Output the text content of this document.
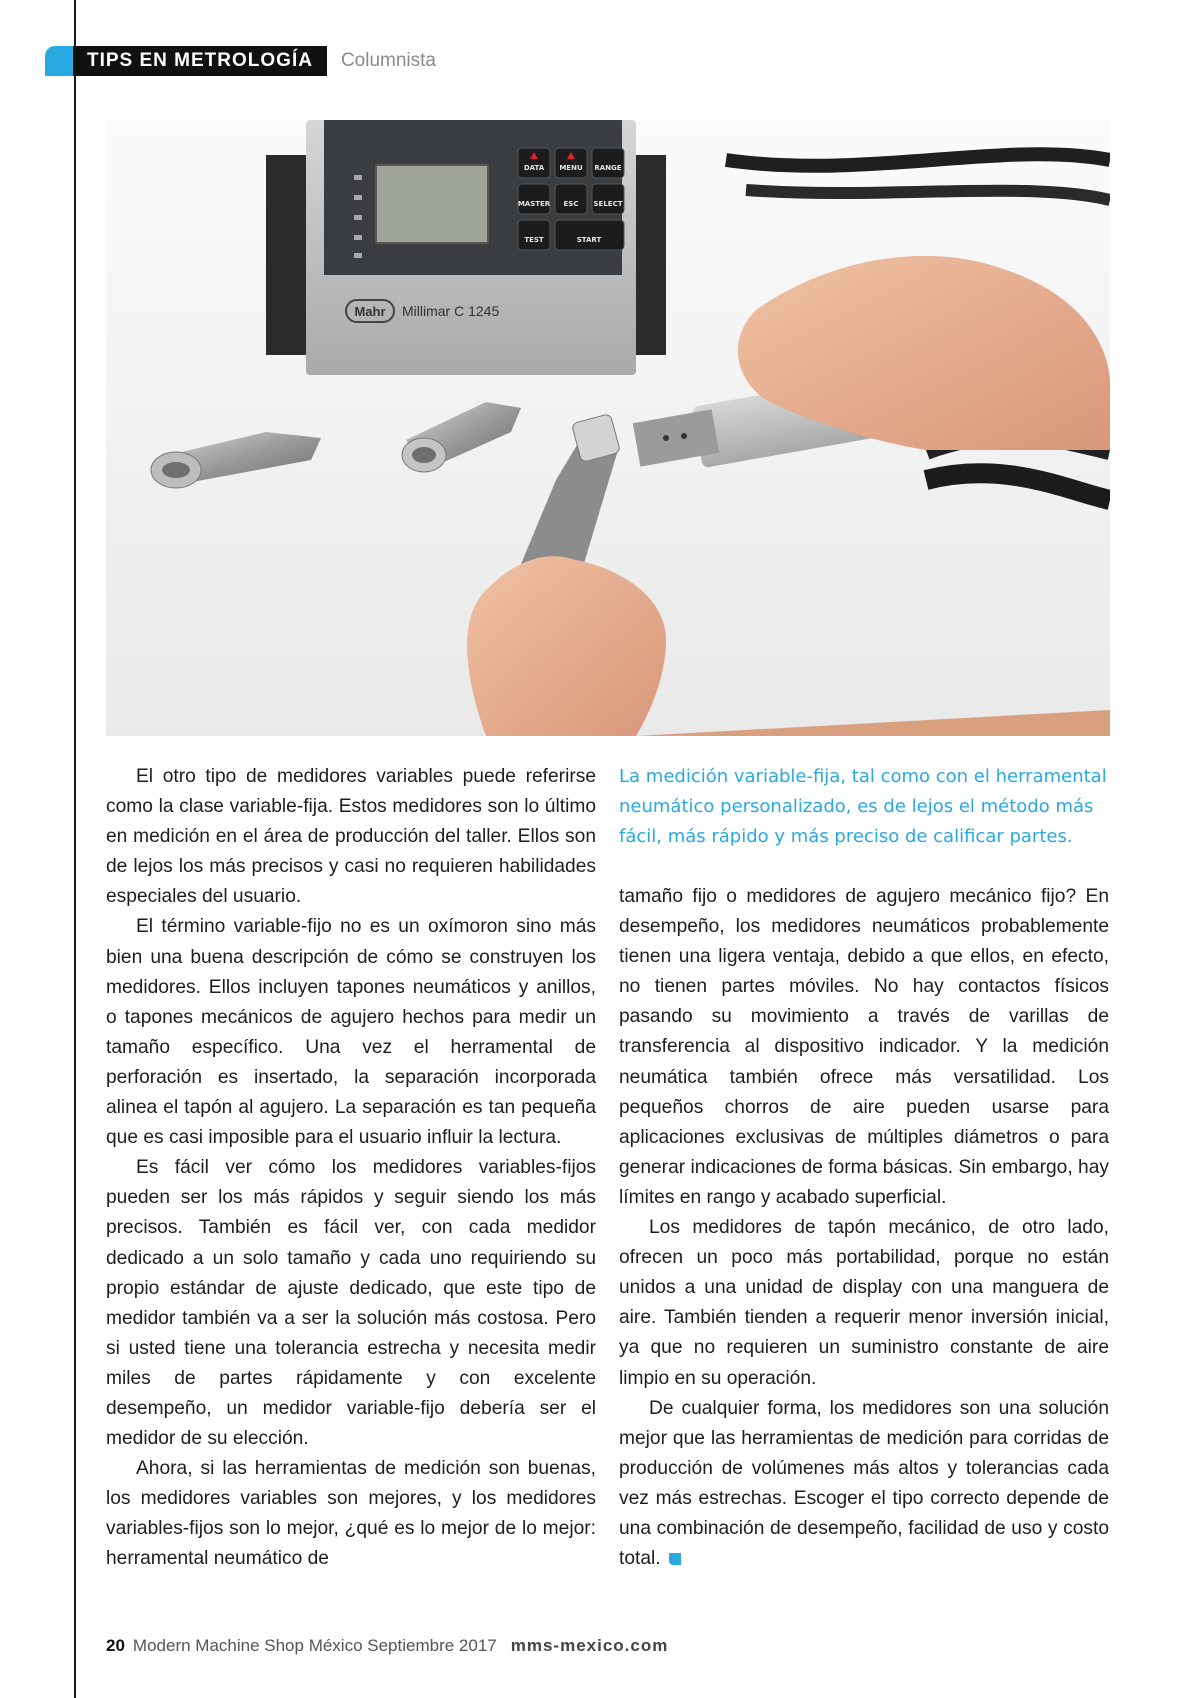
TIPS EN METROLOGÍA	Columnista
DATA MENU RANGE
MASTER ESC SELECT
TEST	START
Mahr Millimar C 1245

El otro tipo de medidores variables puede referirse como la clase variable-fija. Estos medidores son lo último en medición en el área de producción del taller. Ellos son de lejos los más precisos y casi no requieren habilidades especiales del usuario.

El término variable-fijo no es un oxímoron sino más bien una buena descripción de cómo se construyen los medidores. Ellos incluyen tapones neumáticos y anillos, o tapones mecánicos de agujero hechos para medir un tamaño específico. Una vez el herramental de perforación es insertado, la separación incorporada alinea el tapón al agujero. La separación es tan pequeña que es casi imposible para el usuario influir la lectura.

Es fácil ver cómo los medidores variables-fijos pueden ser los más rápidos y seguir siendo los más precisos. También es fácil ver, con cada medidor dedicado a un solo tamaño y cada uno requiriendo su propio estándar de ajuste dedicado, que este tipo de medidor también va a ser la solución más costosa. Pero si usted tiene una tolerancia estrecha y necesita medir miles de partes rápidamente y con excelente desempeño, un medidor variable-fijo debería ser el medidor de su elección.

Ahora, si las herramientas de medición son buenas, los medidores variables son mejores, y los medidores variables-fijos son lo mejor, ¿qué es lo mejor de lo mejor: herramental neumático de

La medición variable-fija, tal como con el herramental neumático personalizado, es de lejos el método más fácil, más rápido y más preciso de calificar partes.

tamaño fijo o medidores de agujero mecánico fijo? En desempeño, los medidores neumáticos probablemente tienen una ligera ventaja, debido a que ellos, en efecto, no tienen partes móviles. No hay contactos físicos pasando su movimiento a través de varillas de transferencia al dispositivo indicador. Y la medición neumática también ofrece más versatilidad. Los pequeños chorros de aire pueden usarse para aplicaciones exclusivas de múltiples diámetros o para generar indicaciones de forma básicas. Sin embargo, hay límites en rango y acabado superficial.

Los medidores de tapón mecánico, de otro lado, ofrecen un poco más portabilidad, porque no están unidos a una unidad de display con una manguera de aire. También tienden a requerir menor inversión inicial, ya que no requieren un suministro constante de aire limpio en su operación.

De cualquier forma, los medidores son una solución mejor que las herramientas de medición para corridas de producción de volúmenes más altos y tolerancias cada vez más estrechas. Escoger el tipo correcto depende de una combinación de desempeño, facilidad de uso y costo total.

20 Modern Machine Shop México Septiembre 2017 mms-mexico.com
